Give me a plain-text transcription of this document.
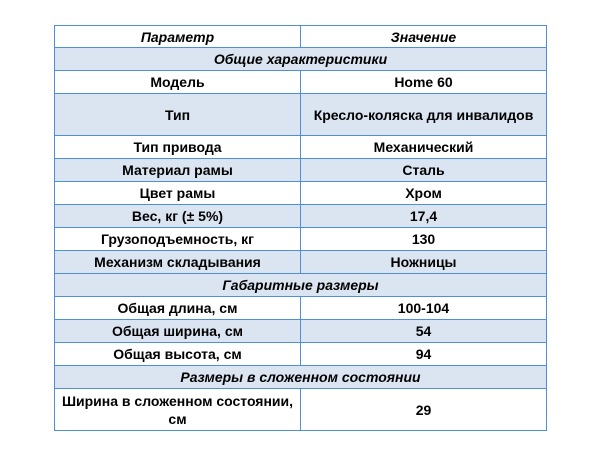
Параметр	Значение
Общие характеристики	
Модель	Home 60
Тип	Кресло-коляска для инвалидов
Тип привода	Механический
Материал рамы	Сталь
Цвет рамы	Хром
Вес, кг (± 5%)	17,4
Грузоподъемность, кг	130
Механизм складывания	Ножницы
Габаритные размеры	
Общая длина, см	100-104
Общая ширина, см	54
Общая высота, см	94
Размеры в сложенном состоянии	
Ширина в сложенном состоянии, см	29
